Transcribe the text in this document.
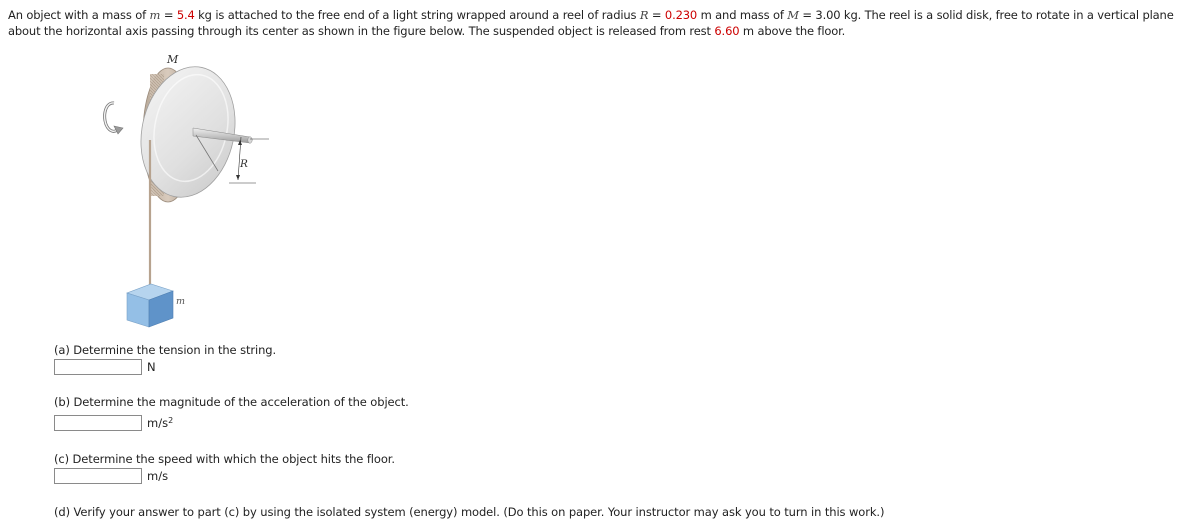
An object with a mass of m = 5.4 kg is attached to the free end of a light string wrapped around a reel of radius R = 0.230 m and mass of M = 3.00 kg. The reel is a solid disk, free to rotate in a vertical plane about the horizontal axis passing through its center as shown in the figure below. The suspended object is released from rest 6.60 m above the floor.
M
R
m
(a) Determine the tension in the string.
N
(b) Determine the magnitude of the acceleration of the object.
$m/s^2$
(c) Determine the speed with which the object hits the floor.
m/s
(d) Verify your answer to part (c) by using the isolated system (energy) model. (Do this on paper. Your instructor may ask you to turn in this work.)
